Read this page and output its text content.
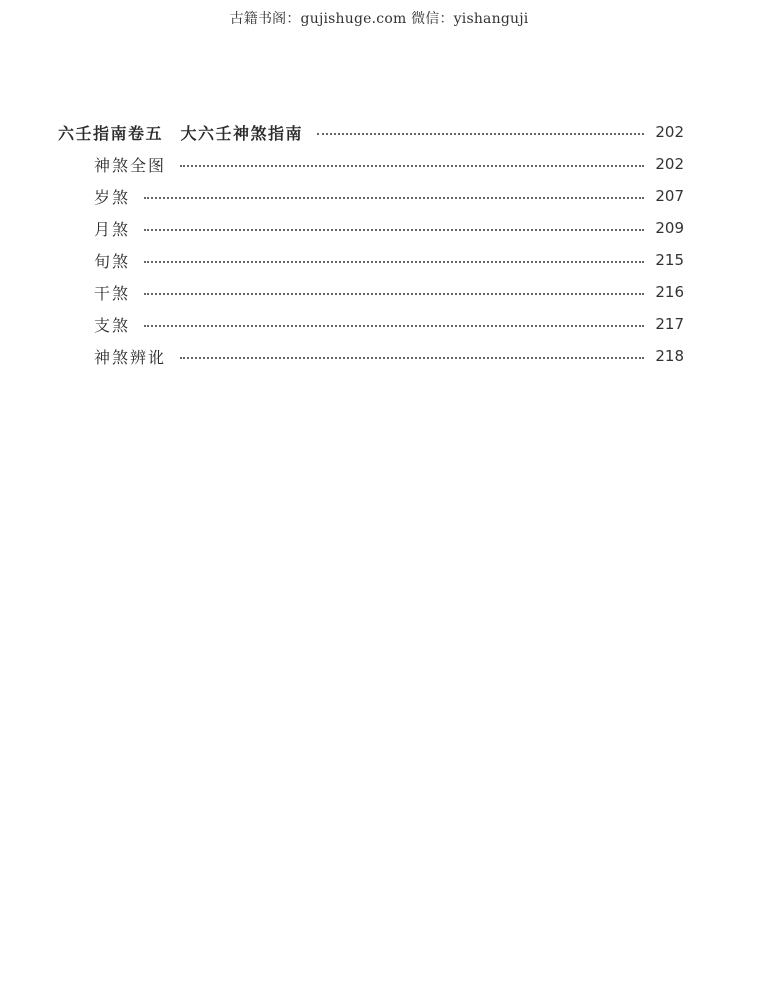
古籍书阁：gujishuge.com 微信：yishanguji
六壬指南卷五　大六壬神煞指南	202
神煞全图	202
岁煞	207
月煞	209
旬煞	215
干煞	216
支煞	217
神煞辨讹	218
